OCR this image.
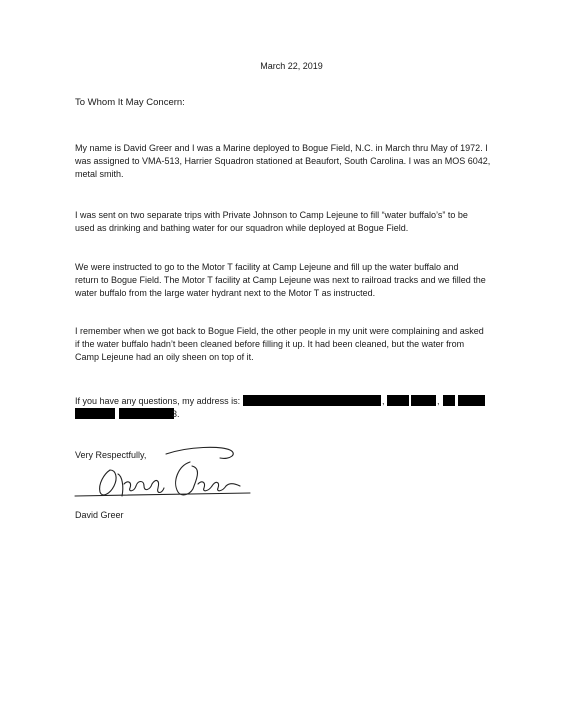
March 22, 2019
To Whom It May Concern:
My name is David Greer and I was a Marine deployed to Bogue Field, N.C. in March thru May of 1972. I
was assigned to VMA-513, Harrier Squadron stationed at Beaufort, South Carolina. I was an MOS 6042,
metal smith.
I was sent on two separate trips with Private Johnson to Camp Lejeune to fill “water buffalo’s” to be
used as drinking and bathing water for our squadron while deployed at Bogue Field.
We were instructed to go to the Motor T facility at Camp Lejeune and fill up the water buffalo and
return to Bogue Field. The Motor T facility at Camp Lejeune was next to railroad tracks and we filled the
water buffalo from the large water hydrant next to the Motor T as instructed.
I remember when we got back to Bogue Field, the other people in my unit were complaining and asked
if the water buffalo hadn’t been cleaned before filling it up. It had been cleaned, but the water from
Camp Lejeune had an oily sheen on top of it.
If you have any questions, my address is:	,	,
3.
Very Respectfully,
David Greer
